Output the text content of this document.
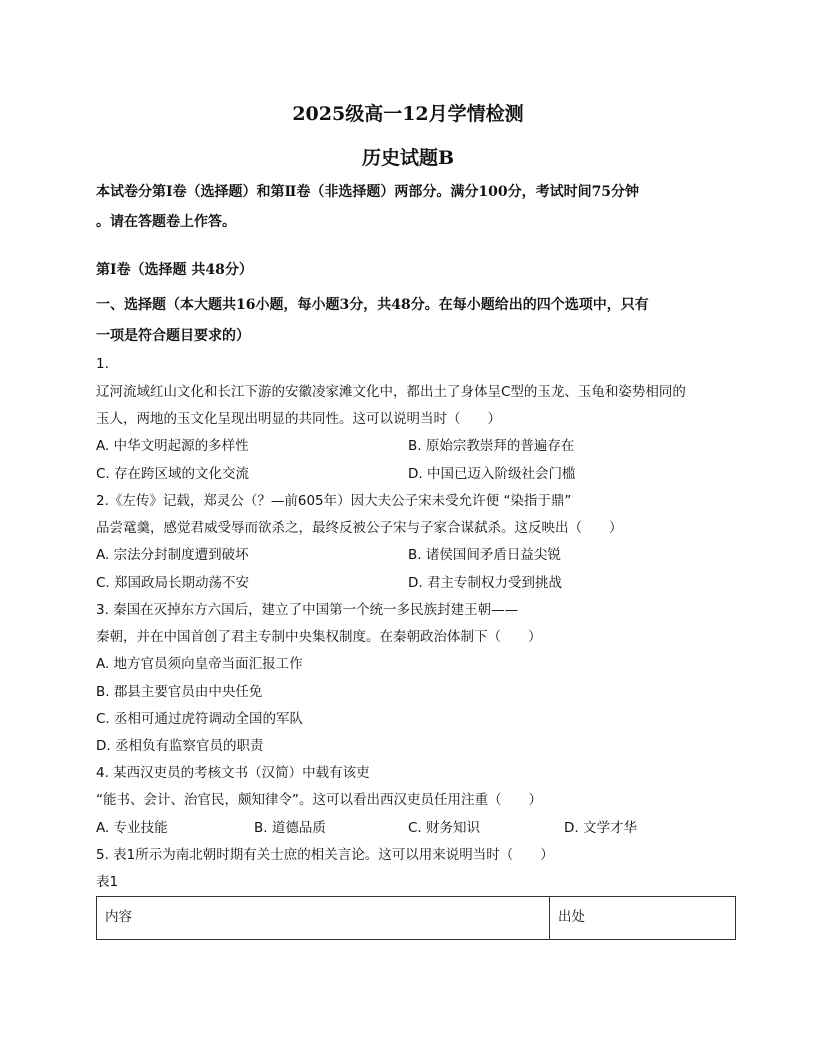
2025级高一12月学情检测
历史试题B
本试卷分第Ⅰ卷（选择题）和第Ⅱ卷（非选择题）两部分。满分100分，考试时间75分钟
。请在答题卷上作答。
第Ⅰ卷（选择题 共48分）
一、选择题（本大题共16小题，每小题3分，共48分。在每小题给出的四个选项中，只有
一项是符合题目要求的）
1.
辽河流域红山文化和长江下游的安徽凌家滩文化中，都出土了身体呈C型的玉龙、玉龟和姿势相同的
玉人，两地的玉文化呈现出明显的共同性。这可以说明当时（　　）
A. 中华文明起源的多样性	B. 原始宗教崇拜的普遍存在
C. 存在跨区域的文化交流	D. 中国已迈入阶级社会门槛
2.《左传》记载，郑灵公（？—前605年）因大夫公子宋未受允许便 “染指于鼎”
品尝鼋羹，感觉君威受辱而欲杀之，最终反被公子宋与子家合谋弑杀。这反映出（　　）
A. 宗法分封制度遭到破坏	B. 诸侯国间矛盾日益尖锐
C. 郑国政局长期动荡不安	D. 君主专制权力受到挑战
3. 秦国在灭掉东方六国后，建立了中国第一个统一多民族封建王朝——
秦朝，并在中国首创了君主专制中央集权制度。在秦朝政治体制下（　　）
A. 地方官员须向皇帝当面汇报工作
B. 郡县主要官员由中央任免
C. 丞相可通过虎符调动全国的军队
D. 丞相负有监察官员的职责
4. 某西汉吏员的考核文书（汉简）中载有该吏
“能书、会计、治官民，颇知律令”。这可以看出西汉吏员任用注重（　　）
A. 专业技能	B. 道德品质	C. 财务知识	D. 文学才华
5. 表1所示为南北朝时期有关士庶的相关言论。这可以用来说明当时（　　）
表1
内容	出处
